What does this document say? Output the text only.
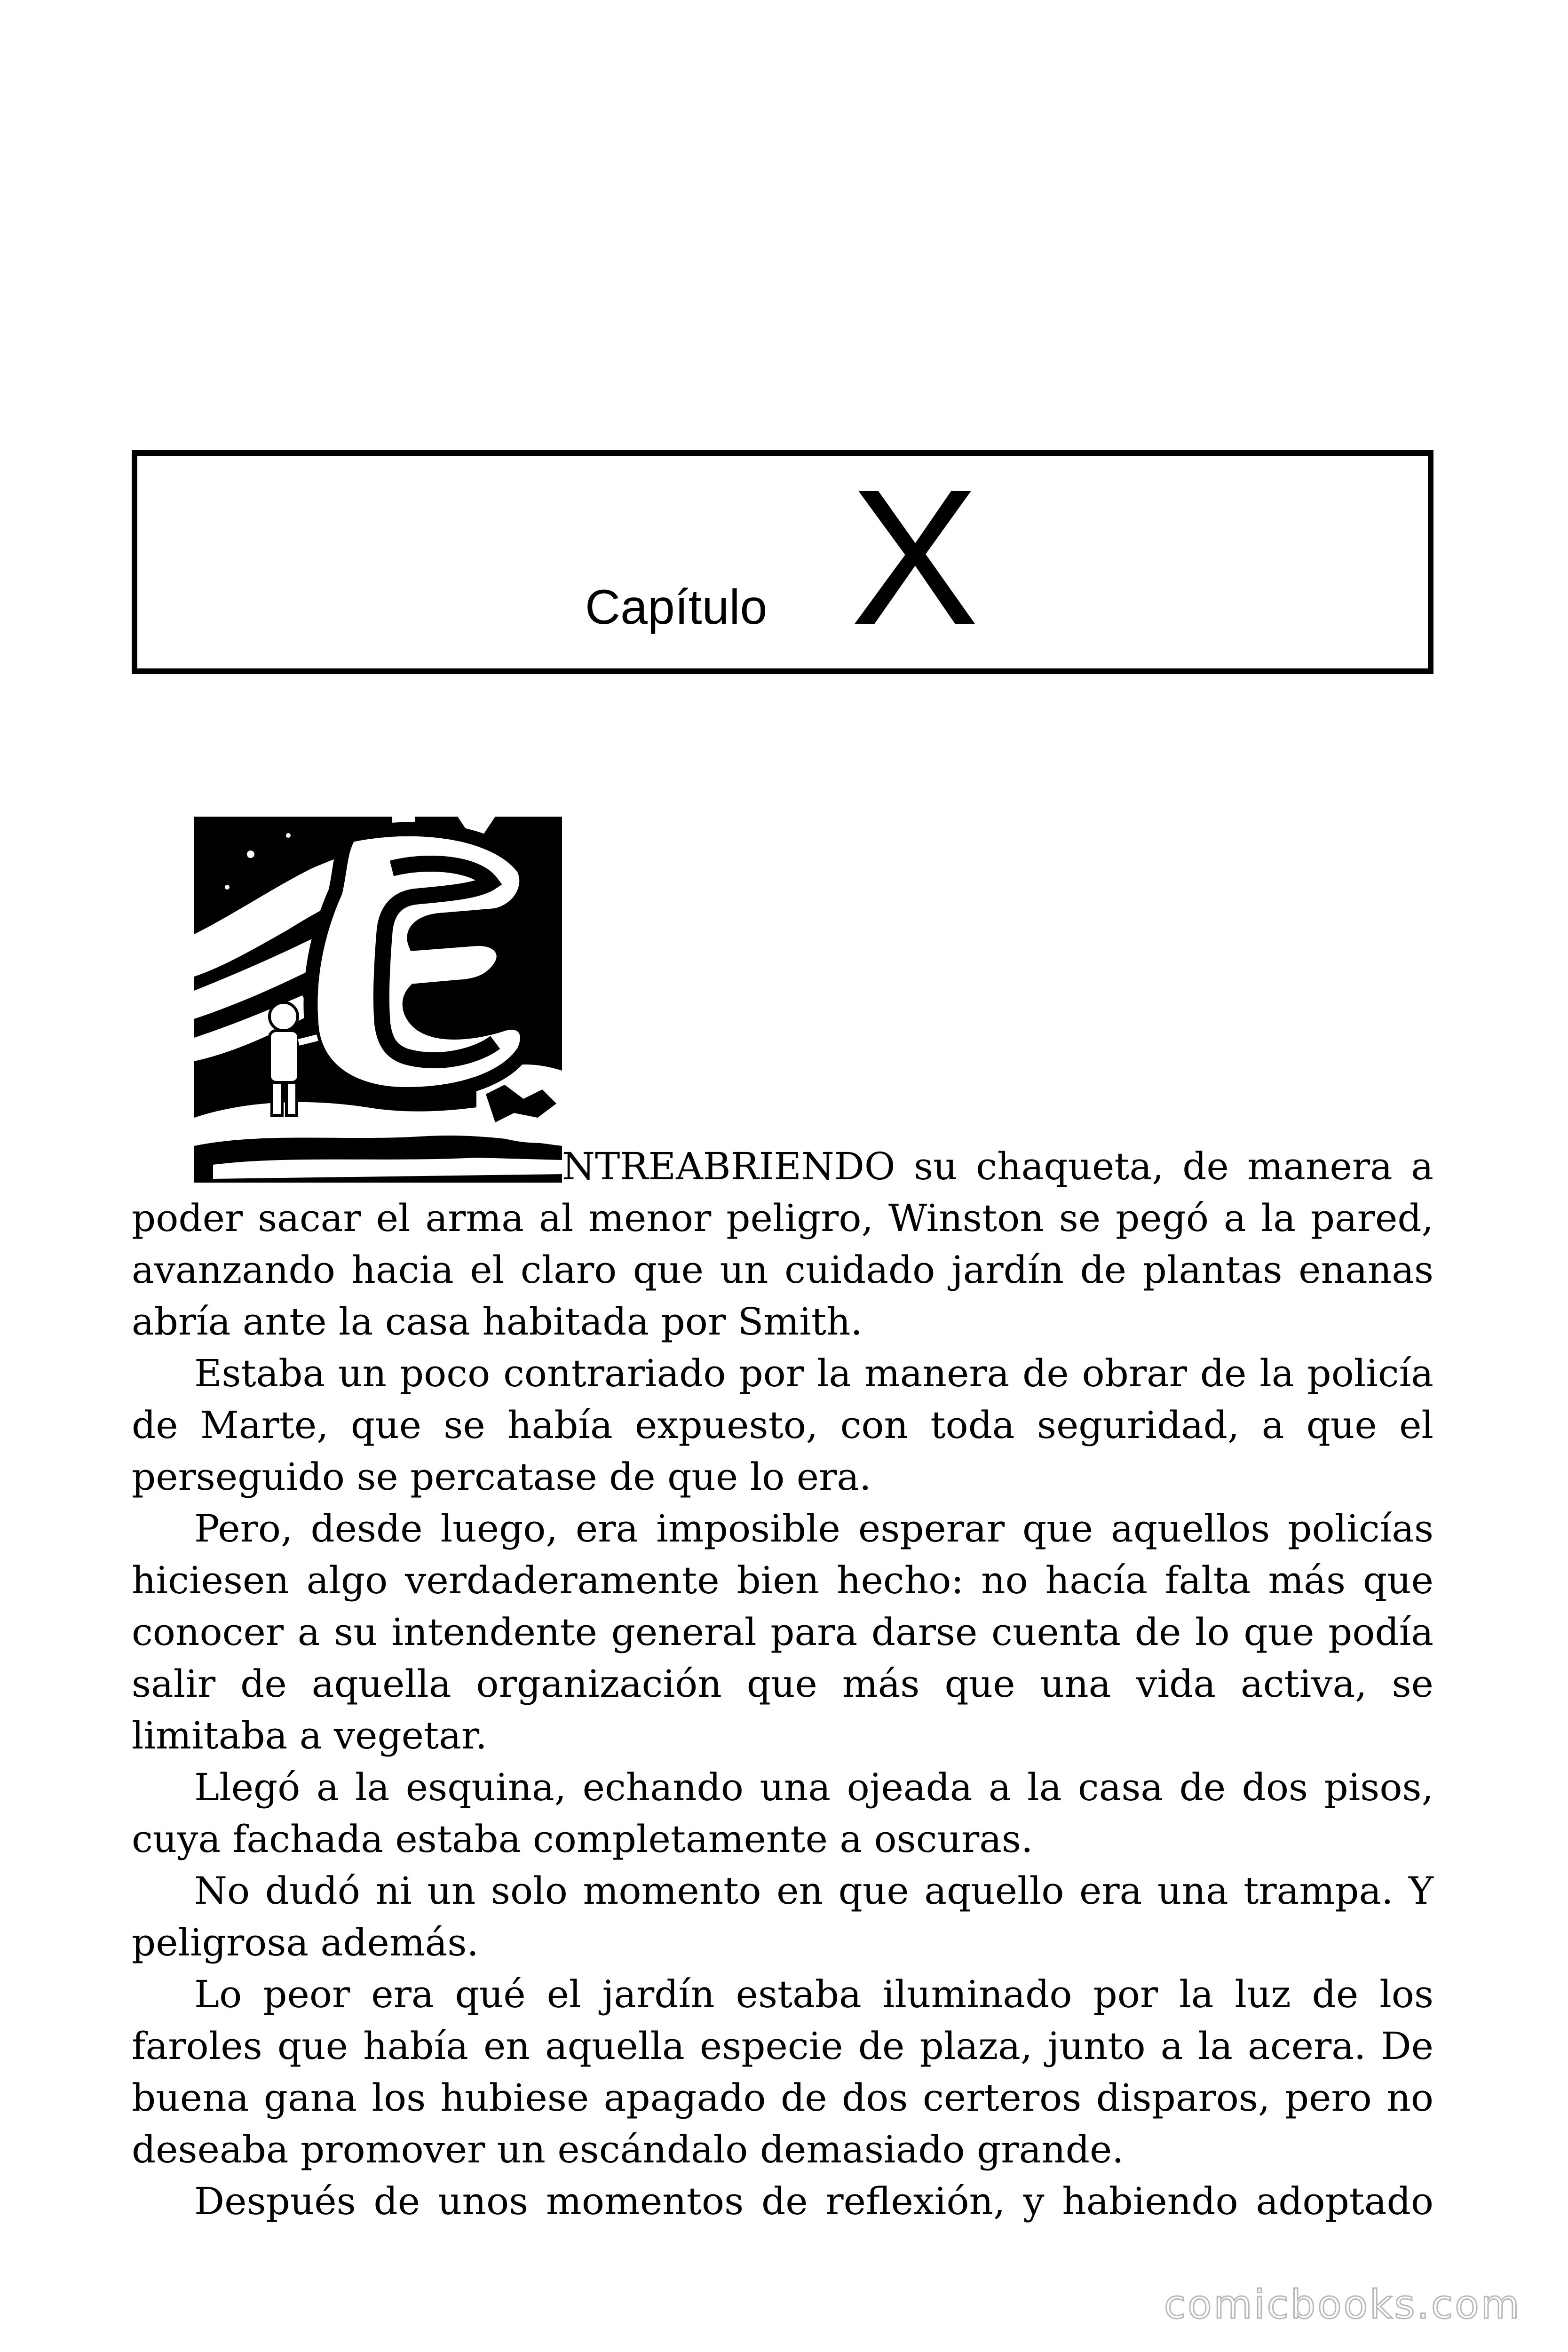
Capítulo X
NTREABRIENDO su chaqueta, de manera a
poder sacar el arma al menor peligro, Winston se pegó a la pared,
avanzando hacia el claro que un cuidado jardín de plantas enanas
abría ante la casa habitada por Smith.
Estaba un poco contrariado por la manera de obrar de la policía
de Marte, que se había expuesto, con toda seguridad, a que el
perseguido se percatase de que lo era.
Pero, desde luego, era imposible esperar que aquellos policías
hiciesen algo verdaderamente bien hecho: no hacía falta más que
conocer a su intendente general para darse cuenta de lo que podía
salir de aquella organización que más que una vida activa, se
limitaba a vegetar.
Llegó a la esquina, echando una ojeada a la casa de dos pisos,
cuya fachada estaba completamente a oscuras.
No dudó ni un solo momento en que aquello era una trampa. Y
peligrosa además.
Lo peor era qué el jardín estaba iluminado por la luz de los
faroles que había en aquella especie de plaza, junto a la acera. De
buena gana los hubiese apagado de dos certeros disparos, pero no
deseaba promover un escándalo demasiado grande.
Después de unos momentos de reflexión, y habiendo adoptado
comicbooks.com
